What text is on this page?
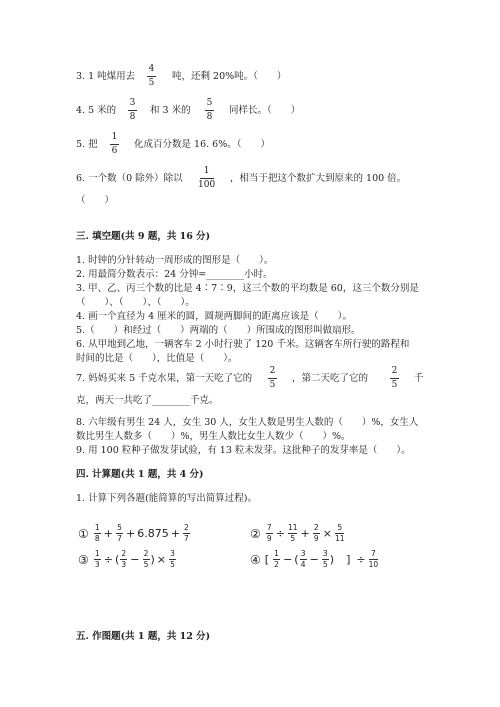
3. 1 吨煤用去
4
5
吨，还剩 20%吨。（　　）
4. 5 米的
3
8
和 3 米的
5
8
同样长。（　　）
5. 把
1
6
化成百分数是 16. 6%。（　　）
6. 一个数（0 除外）除以
1
100
，相当于把这个数扩大到原来的 100 倍。
（　　）
三. 填空题(共 9 题，共 16 分)
1. 时钟的分针转动一周形成的图形是（　　）。
2. 用最简分数表示：24 分钟=________小时。
3. 甲、乙、丙三个数的比是 4∶7∶9，这三个数的平均数是 60，这三个数分别是
（　　）、（　　）、（　　）。
4. 画一个直径为 4 厘米的圆，圆规两脚间的距离应该是（　　）。
5.（　　）和经过（　　）两端的（　　）所围成的图形叫做扇形。
6. 从甲地到乙地，一辆客车 2 小时行驶了 120 千米。这辆客车所行驶的路程和
时间的比是（　　），比值是（　　）。
7. 妈妈买来 5 千克水果，第一天吃了它的
2
5
，第二天吃了它的
2
5
千
克，两天一共吃了________千克。
8. 六年级有男生 24 人，女生 30 人，女生人数是男生人数的（　　）%，女生人
数比男生人数多（　　）%，男生人数比女生人数少（　　）%。
9. 用 100 粒种子做发芽试验，有 13 粒未发芽。这批种子的发芽率是（　　）。
四. 计算题(共 1 题，共 4 分)
1. 计算下列各题(能简算的写出简算过程)。
① 1
8 + 5
7 + 6.875 + 2
7	② 7
9 ÷ 11
5 + 2
9 × 5
11
③ 1
3 ÷ ( 2
3 − 2
5 ) × 3
5	④ [ 1
2 − ( 3
4 − 3
5 ) ] ÷ 7
10
五. 作图题(共 1 题，共 12 分)
